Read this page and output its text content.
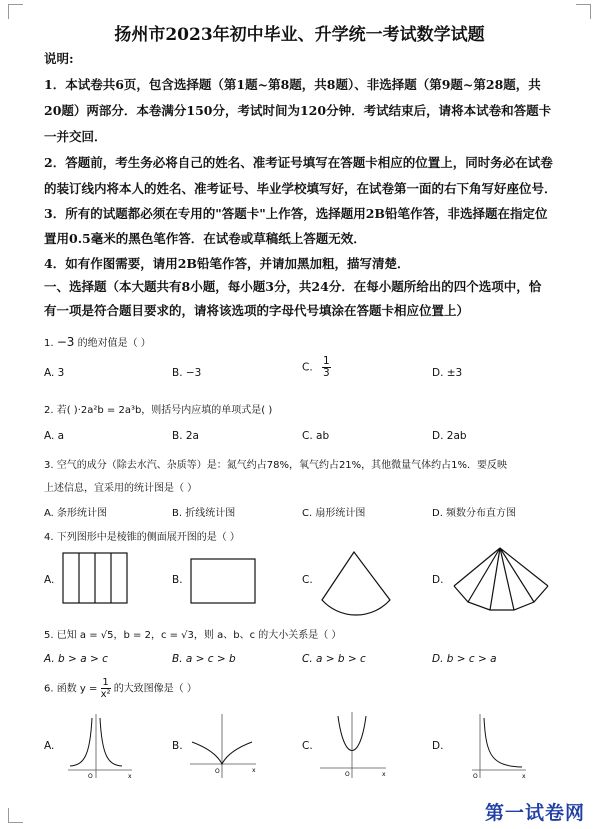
扬州市2023年初中毕业、升学统一考试数学试题
说明:
1．本试卷共6页，包含选择题（第1题~第8题，共8题）、非选择题（第9题~第28题，共
20题）两部分．本卷满分150分，考试时间为120分钟．考试结束后，请将本试卷和答题卡
一并交回．
2．答题前，考生务必将自己的姓名、准考证号填写在答题卡相应的位置上，同时务必在试卷
的装订线内将本人的姓名、准考证号、毕业学校填写好，在试卷第一面的右下角写好座位号．
3．所有的试题都必须在专用的"答题卡"上作答，选择题用2B铅笔作答，非选择题在指定位
置用0.5毫米的黑色笔作答．在试卷或草稿纸上答题无效．
4．如有作图需要，请用2B铅笔作答，并请加黑加粗，描写清楚．
一、选择题（本大题共有8小题，每小题3分，共24分．在每小题所给出的四个选项中，恰
有一项是符合题目要求的，请将该选项的字母代号填涂在答题卡相应位置上）
1. −3 的绝对值是（ ）
A. 3	B. −3	C. $\frac{1}{3}$	D. ±3
2. 若( )·2a²b = 2a³b，则括号内应填的单项式是( )
A. a	B. 2a	C. ab	D. 2ab
3. 空气的成分（除去水汽、杂质等）是：氮气约占78%，氧气约占21%，其他微量气体约占1%．要反映
上述信息，宜采用的统计图是（ ）
A. 条形统计图	B. 折线统计图	C. 扇形统计图	D. 频数分布直方图
4. 下列图形中是棱锥的侧面展开图的是（ ）
A.	B.	C.	D.
5. 已知 a = √5，b = 2，c = √3，则 a、b、c 的大小关系是（ ）
A. b > a > c	B. a > c > b	C. a > b > c	D. b > c > a
6. 函数 $y = \frac{1}{\text{x²}}$ 的大致图像是（ ）
A.	B.	C.	D.
O	x
O	x
O	x	O	x
第一试卷网
